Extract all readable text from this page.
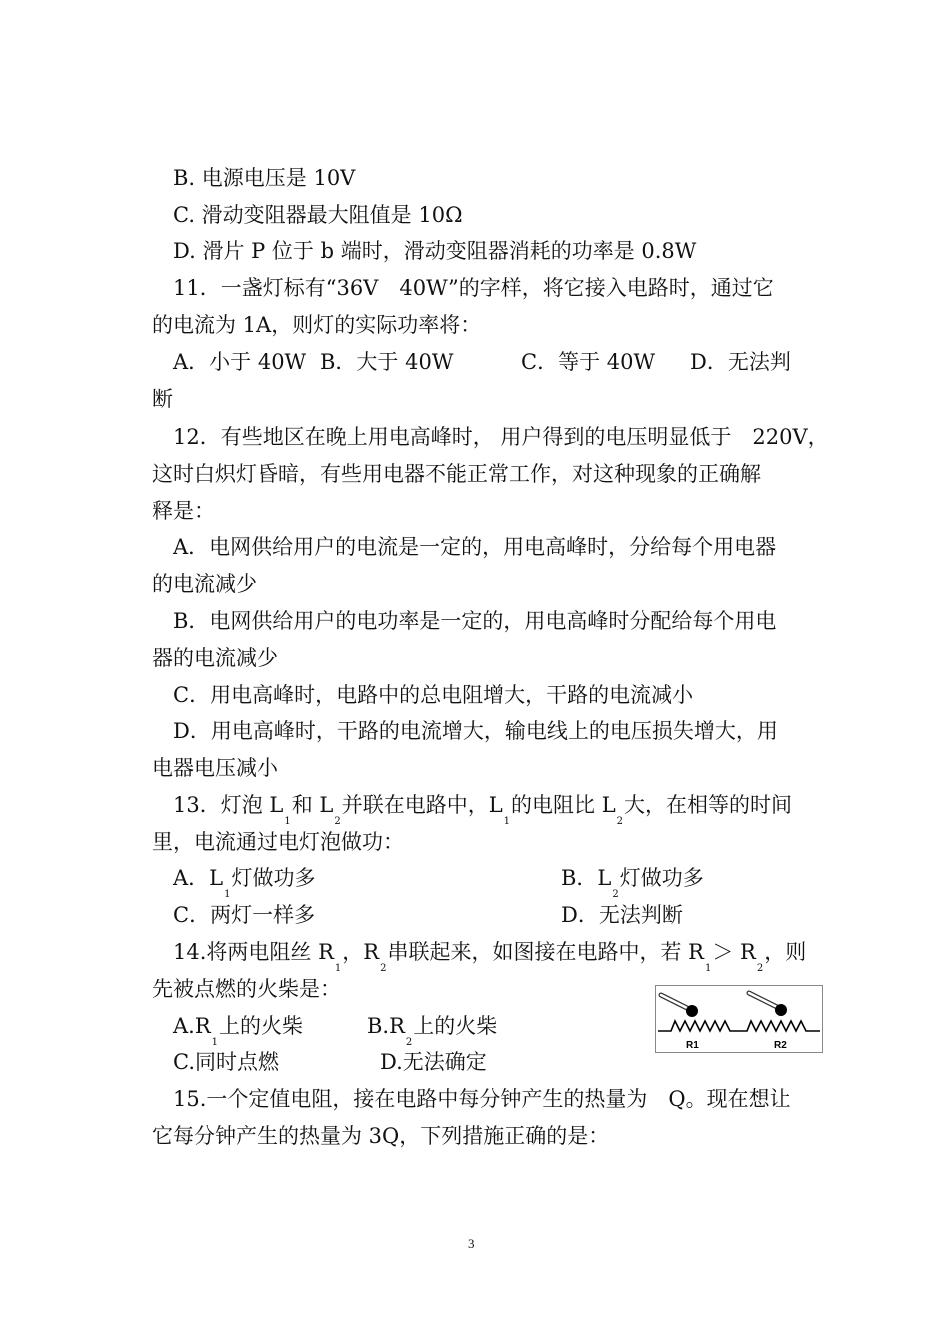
B. 电源电压是 10V
C. 滑动变阻器最大阻值是 10Ω
D. 滑片 P 位于 b 端时，滑动变阻器消耗的功率是 0.8W
11．一盏灯标有“36V　40W”的字样，将它接入电路时，通过它
的电流为 1A，则灯的实际功率将：
A．小于 40W B．大于 40W	C．等于 40W D．无法判
断
12．有些地区在晚上用电高峰时， 用户得到的电压明显低于　220V，
这时白炽灯昏暗，有些用电器不能正常工作，对这种现象的正确解
释是：
A．电网供给用户的电流是一定的，用电高峰时，分给每个用电器
的电流减少
B．电网供给用户的电功率是一定的，用电高峰时分配给每个用电
器的电流减少
C．用电高峰时，电路中的总电阻增大，干路的电流减小
D．用电高峰时，干路的电流增大，输电线上的电压损失增大，用
电器电压减小
13．灯泡 $L_1$和 $L_2$并联在电路中，$L_1$的电阻比 $L_2$大，在相等的时间
里，电流通过电灯泡做功：
A．$L_1$灯做功多	B．$L_2$灯做功多
C．两灯一样多	D．无法判断
14.将两电阻丝 $R_1$，$R_2$串联起来，如图接在电路中，若 $R_1> R_2$，则
先被点燃的火柴是：
$A.R_1$上的火柴	$B.R_2$上的火柴
C.同时点燃	D.无法确定
R1	R2
15.一个定值电阻，接在电路中每分钟产生的热量为　Q。现在想让
它每分钟产生的热量为 3Q，下列措施正确的是：
3
